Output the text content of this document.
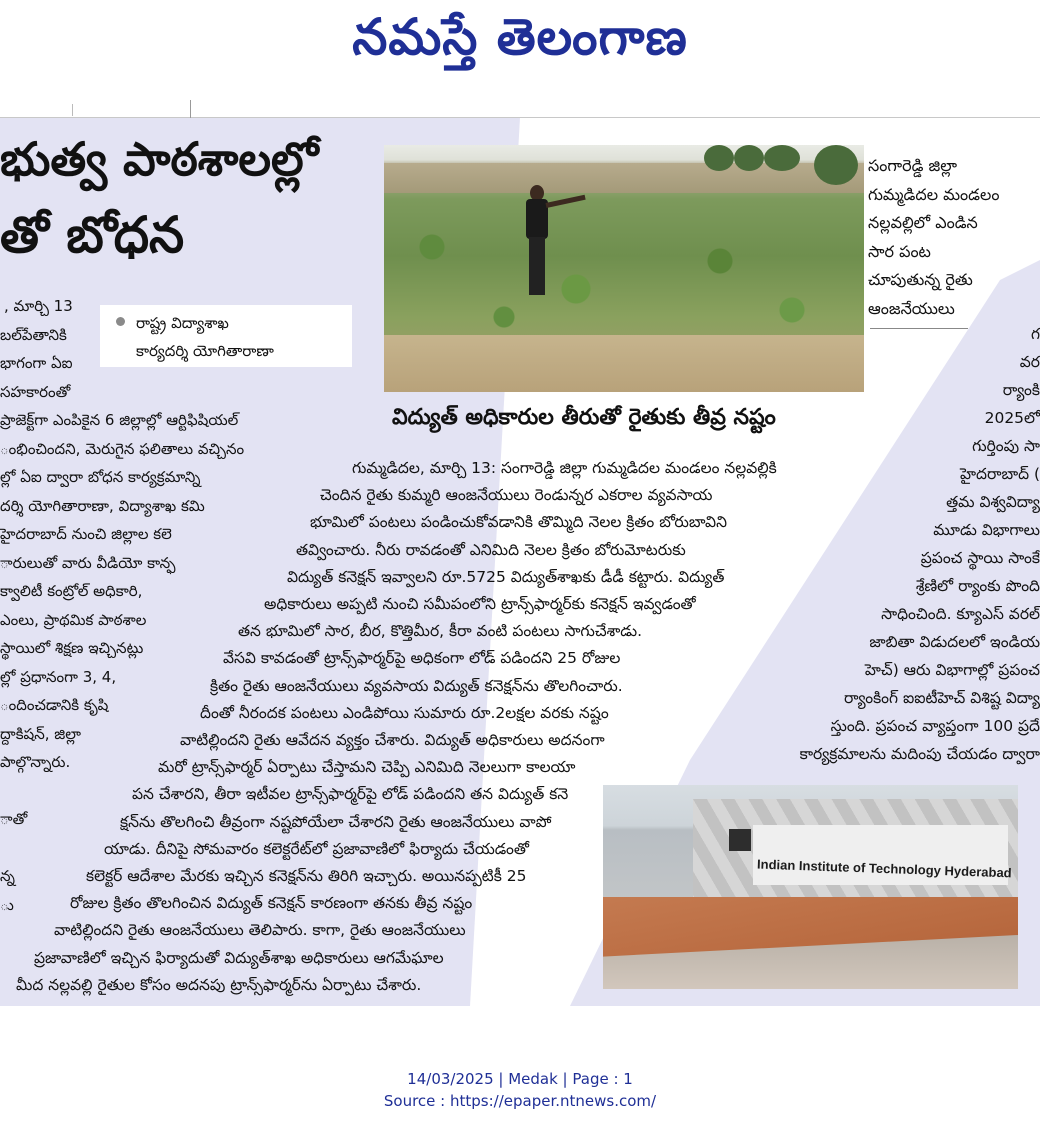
నమస్తే తెలంగాణ
భుత్వ పాఠశాలల్లో
తో బోధన
, మార్చి 13
బల్‌పేతానికి
భాగంగా ఏఐ
సహకారంతో
ప్రాజెక్ట్‌గా ఎంపికైన 6 జిల్లాల్లో ఆర్టిఫిషియల్
ంభించిందని, మెరుగైన ఫలితాలు వచ్చినం
ల్లో ఏఐ ద్వారా బోధన కార్యక్రమాన్ని
దర్శి యోగితారాణా, విద్యాశాఖ కమి
హైదరాబాద్ నుంచి జిల్లాల కలె
ారులుతో వారు వీడియో కాన్ఫ
క్వాలిటీ కంట్రోల్ అధికారి,
ఎంలు, ప్రాథమిక పాఠశాల
స్థాయిలో శిక్షణ ఇచ్చినట్లు
ల్లో ప్రధానంగా 3, 4,
ందించడానికి కృషి
ద్దాకిషన్, జిల్లా
పాల్గొన్నారు.

ాతో

న్న
ు
రాష్ట్ర విద్యాశాఖ
కార్యదర్శి యోగితారాణా
సంగారెడ్డి జిల్లా
గుమ్మడిదల మండలం
నల్లవల్లిలో ఎండిన
సార పంట
చూపుతున్న రైతు
ఆంజనేయులు
విద్యుత్ అధికారుల తీరుతో రైతుకు తీవ్ర నష్టం
గుమ్మడిదల, మార్చి 13: సంగారెడ్డి జిల్లా గుమ్మడిదల మండలం నల్లవల్లికి
చెందిన రైతు కుమ్మరి ఆంజనేయులు రెండున్నర ఎకరాల వ్యవసాయ
భూమిలో పంటలు పండించుకోవడానికి తొమ్మిది నెలల క్రితం బోరుబావిని
తవ్వించారు. నీరు రావడంతో ఎనిమిది నెలల క్రితం బోరుమోటరుకు
విద్యుత్ కనెక్షన్ ఇవ్వాలని రూ.5725 విద్యుత్‌శాఖకు డీడీ కట్టారు. విద్యుత్
అధికారులు అప్పటి నుంచి సమీపంలోని ట్రాన్స్‌ఫార్మర్‌కు కనెక్షన్ ఇవ్వడంతో
తన భూమిలో సార, బీర, కొత్తిమీర, కీరా వంటి పంటలు సాగుచేశాడు.
వేసవి కావడంతో ట్రాన్స్‌ఫార్మర్‌పై అధికంగా లోడ్ పడిందని 25 రోజుల
క్రితం రైతు ఆంజనేయులు వ్యవసాయ విద్యుత్ కనెక్షన్‌ను తొలగించారు.
దీంతో నీరందక పంటలు ఎండిపోయి సుమారు రూ.2లక్షల వరకు నష్టం
వాటిల్లిందని రైతు ఆవేదన వ్యక్తం చేశారు. విద్యుత్ అధికారులు అదనంగా
మరో ట్రాన్స్‌ఫార్మర్ ఏర్పాటు చేస్తామని చెప్పి ఎనిమిది నెలలుగా కాలయా
పన చేశారని, తీరా ఇటీవల ట్రాన్స్‌ఫార్మర్‌పై లోడ్ పడిందని తన విద్యుత్ కనె
క్షన్‌ను తొలగించి తీవ్రంగా నష్టపోయేలా చేశారని రైతు ఆంజనేయులు వాపో
యాడు. దీనిపై సోమవారం కలెక్టరేట్‌లో ప్రజావాణిలో ఫిర్యాదు చేయడంతో
కలెక్టర్ ఆదేశాల మేరకు ఇచ్చిన కనెక్షన్‌ను తిరిగి ఇచ్చారు. అయినప్పటికీ 25
రోజుల క్రితం తొలగించిన విద్యుత్ కనెక్షన్ కారణంగా తనకు తీవ్ర నష్టం
వాటిల్లిందని రైతు ఆంజనేయులు తెలిపారు. కాగా, రైతు ఆంజనేయులు
ప్రజావాణిలో ఇచ్చిన ఫిర్యాదుతో విద్యుత్‌శాఖ అధికారులు ఆగమేఘాల
మీద నల్లవల్లి రైతుల కోసం అదనపు ట్రాన్స్‌ఫార్మర్‌ను ఏర్పాటు చేశారు.
గ
వర
ర్యాంకి
2025లో
గుర్తింపు సా
హైదరాబాద్ (
త్తమ విశ్వవిద్యా
మూడు విభాగాలు
ప్రపంచ స్థాయి సాంకే
శ్రేణిలో ర్యాంకు పొంది
సాధించింది. క్యూఎస్ వరల్
జాబితా విడుదలలో ఇండియ
హెచ్) ఆరు విభాగాల్లో ప్రపంచ
ర్యాంకింగ్ ఐఐటీహెచ్ విశిష్ట విద్యా
స్తుంది. ప్రపంచ వ్యాప్తంగా 100 ప్రదే
కార్యక్రమాలను మదింపు చేయడం ద్వారా
Indian Institute of Technology Hyderabad
14/03/2025 | Medak | Page : 1
Source : https://epaper.ntnews.com/
